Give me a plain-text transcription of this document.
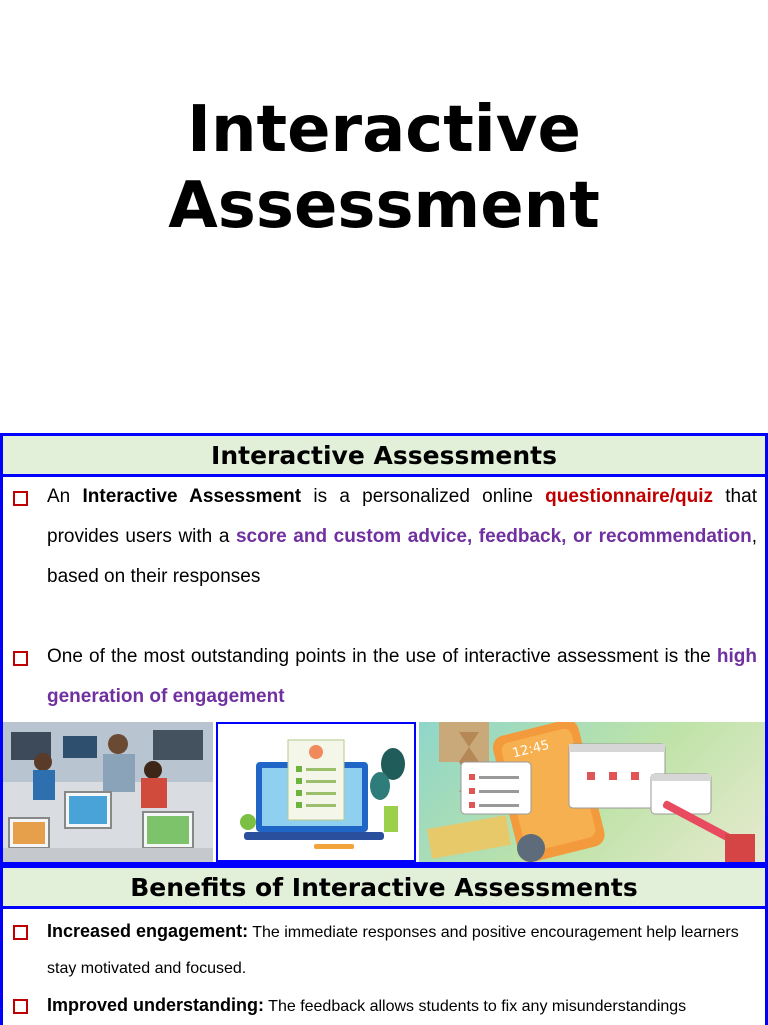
Interactive
Assessment
Interactive Assessments
An Interactive Assessment is a personalized online questionnaire/quiz that provides users with a score and custom advice, feedback, or recommendation, based on their responses
One of the most outstanding points in the use of interactive assessment is the high generation of engagement
12:45
Benefits of Interactive Assessments
Increased engagement: The immediate responses and positive encouragement help learners stay motivated and focused.
Improved understanding: The feedback allows students to fix any misunderstandings
